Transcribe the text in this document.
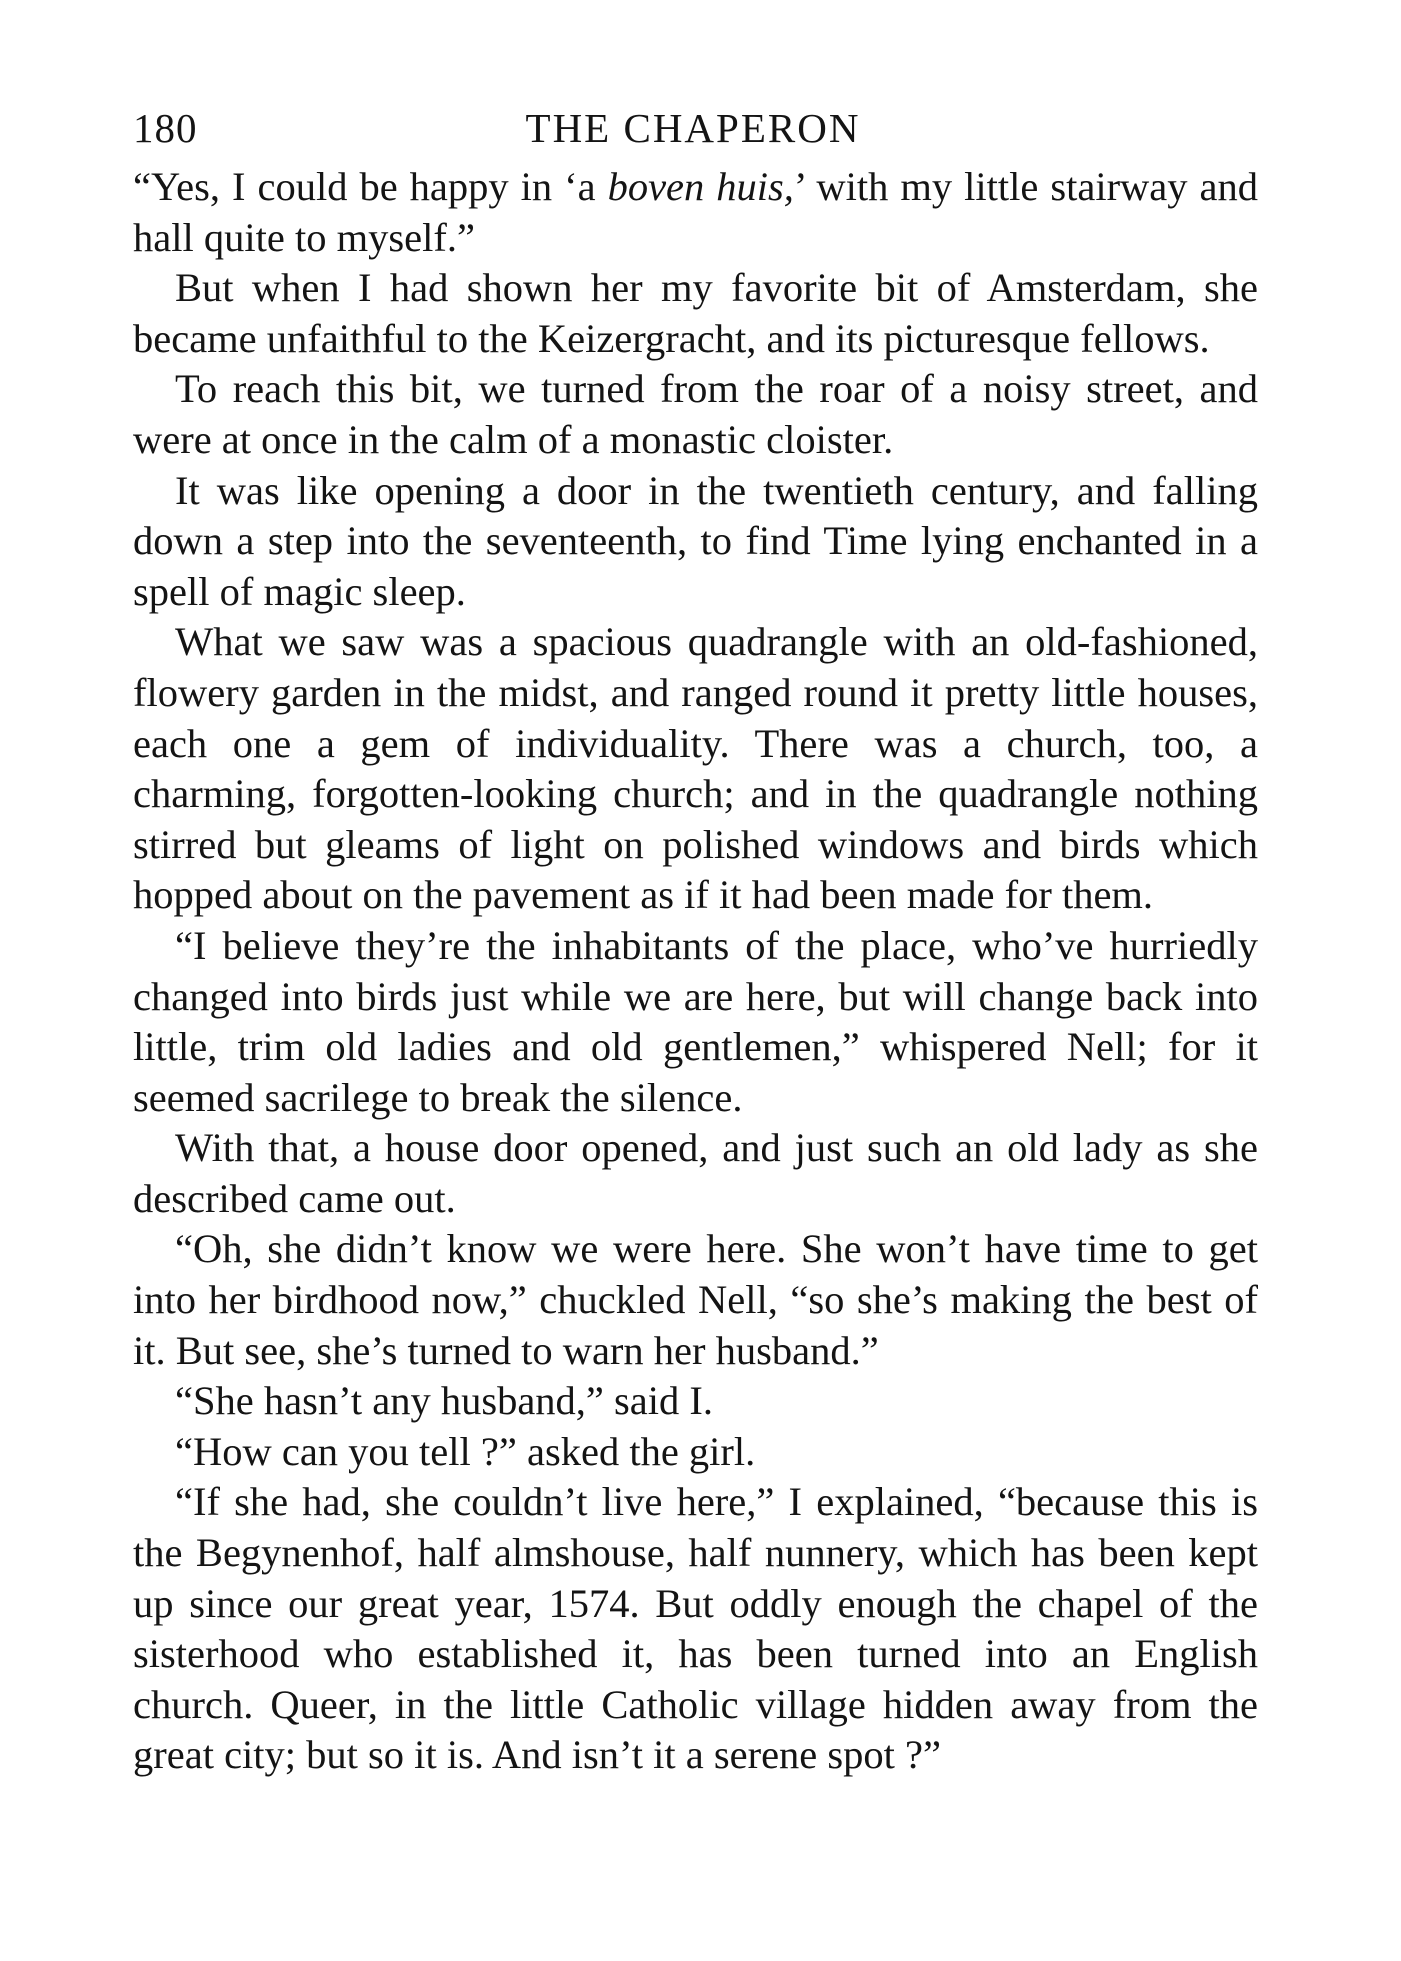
180	THE CHAPERON

“Yes, I could be happy in ‘a boven huis,’ with my little stairway and hall quite to myself.”

But when I had shown her my favorite bit of Amsterdam, she became unfaithful to the Keizergracht, and its picturesque fellows.

To reach this bit, we turned from the roar of a noisy street, and were at once in the calm of a monastic cloister.

It was like opening a door in the twentieth century, and falling down a step into the seventeenth, to find Time lying enchanted in a spell of magic sleep.

What we saw was a spacious quadrangle with an old-fashioned, flowery garden in the midst, and ranged round it pretty little houses, each one a gem of individuality. There was a church, too, a charming, forgotten-looking church; and in the quadrangle nothing stirred but gleams of light on polished windows and birds which hopped about on the pavement as if it had been made for them.

“I believe they’re the inhabitants of the place, who’ve hurriedly changed into birds just while we are here, but will change back into little, trim old ladies and old gentlemen,” whispered Nell; for it seemed sacrilege to break the silence.

With that, a house door opened, and just such an old lady as she described came out.

“Oh, she didn’t know we were here. She won’t have time to get into her birdhood now,” chuckled Nell, “so she’s making the best of it. But see, she’s turned to warn her husband.”

“She hasn’t any husband,” said I.

“How can you tell ?” asked the girl.

“If she had, she couldn’t live here,” I explained, “because this is the Begynenhof, half almshouse, half nunnery, which has been kept up since our great year, 1574. But oddly enough the chapel of the sisterhood who established it, has been turned into an English church. Queer, in the little Catholic village hidden away from the great city; but so it is. And isn’t it a serene spot ?”
